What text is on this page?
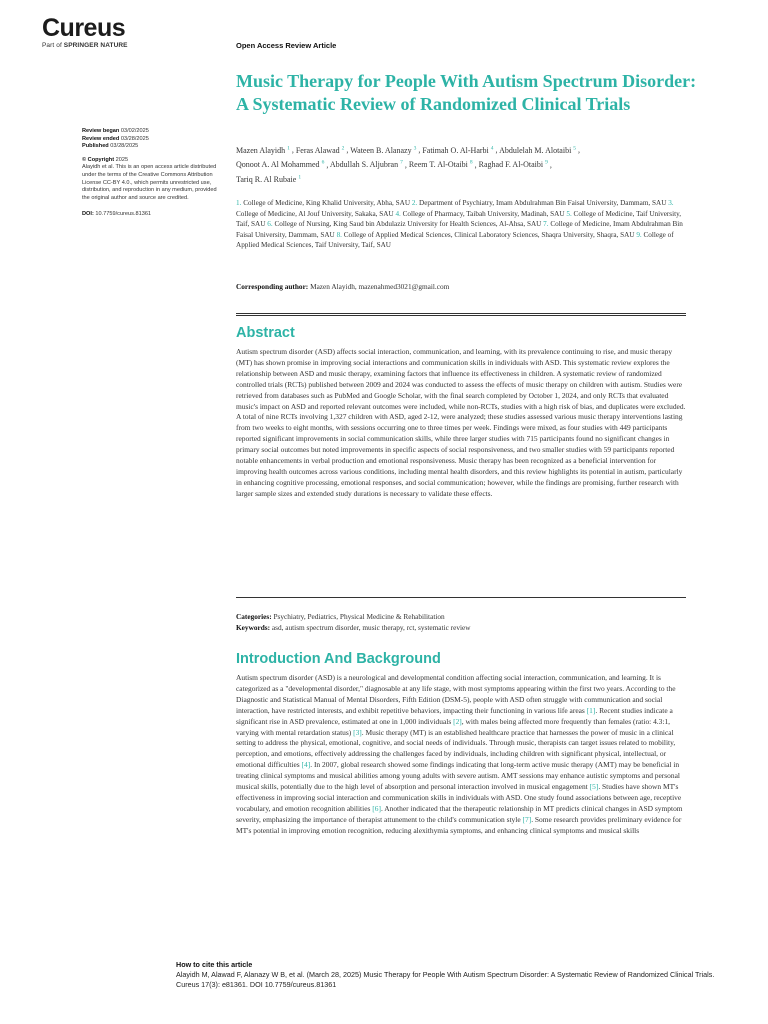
Cureus
Part of SPRINGER NATURE	Open Access Review Article
Music Therapy for People With Autism Spectrum Disorder: A Systematic Review of Randomized Clinical Trials
Review began 03/02/2025
Review ended 03/28/2025
Published 03/28/2025
© Copyright 2025
Alayidh et al. This is an open access article distributed under the terms of the Creative Commons Attribution License CC-BY 4.0., which permits unrestricted use, distribution, and reproduction in any medium, provided the original author and source are credited.
DOI: 10.7759/cureus.81361
Mazen Alayidh $^1$ , Feras Alawad $^2$ , Wateen B. Alanazy $^3$ , Fatimah O. Al-Harbi $^4$ , Abdulelah M. Alotaibi $^5$ ,
Qonoot A. Al Mohammed $^6$ , Abdullah S. Aljubran $^7$ , Reem T. Al-Otaibi $^8$ , Raghad F. Al-Otaibi $^9$ ,
Tariq R. Al Rubaie $^1$
1. College of Medicine, King Khalid University, Abha, SAU 2. Department of Psychiatry, Imam Abdulrahman Bin Faisal University, Dammam, SAU 3. College of Medicine, Al Jouf University, Sakaka, SAU 4. College of Pharmacy, Taibah University, Madinah, SAU 5. College of Medicine, Taif University, Taif, SAU 6. College of Nursing, King Saud bin Abdulaziz University for Health Sciences, Al-Ahsa, SAU 7. College of Medicine, Imam Abdulrahman Bin Faisal University, Dammam, SAU 8. College of Applied Medical Sciences, Clinical Laboratory Sciences, Shaqra University, Shaqra, SAU 9. College of Applied Medical Sciences, Taif University, Taif, SAU
Corresponding author: Mazen Alayidh, mazenahmed3021@gmail.com
Abstract

Autism spectrum disorder (ASD) affects social interaction, communication, and learning, with its prevalence continuing to rise, and music therapy (MT) has shown promise in improving social interactions and communication skills in individuals with ASD. This systematic review explores the relationship between ASD and music therapy, examining factors that influence its effectiveness in children. A systematic review of randomized controlled trials (RCTs) published between 2009 and 2024 was conducted to assess the effects of music therapy on children with autism. Studies were retrieved from databases such as PubMed and Google Scholar, with the final search completed by October 1, 2024, and only RCTs that evaluated music's impact on ASD and reported relevant outcomes were included, while non-RCTs, studies with a high risk of bias, and duplicates were excluded. A total of nine RCTs involving 1,327 children with ASD, aged 2-12, were analyzed; these studies assessed various music therapy interventions lasting from two weeks to eight months, with sessions occurring one to three times per week. Findings were mixed, as four studies with 449 participants reported significant improvements in social communication skills, while three larger studies with 715 participants found no significant changes in primary social outcomes but noted improvements in specific aspects of social responsiveness, and two smaller studies with 59 participants reported notable enhancements in verbal production and emotional responsiveness. Music therapy has been recognized as a beneficial intervention for improving health outcomes across various conditions, including mental health disorders, and this review highlights its potential in autism, particularly in enhancing cognitive processing, emotional responses, and social communication; however, while the findings are promising, further research with larger sample sizes and extended study durations is necessary to validate these effects.

Categories: Psychiatry, Pediatrics, Physical Medicine & Rehabilitation
Keywords: asd, autism spectrum disorder, music therapy, rct, systematic review
Introduction And Background

Autism spectrum disorder (ASD) is a neurological and developmental condition affecting social interaction, communication, and learning. It is categorized as a "developmental disorder," diagnosable at any life stage, with most symptoms appearing within the first two years. According to the Diagnostic and Statistical Manual of Mental Disorders, Fifth Edition (DSM-5), people with ASD often struggle with communication and social interaction, have restricted interests, and exhibit repetitive behaviors, impacting their functioning in various life areas [1]. Recent studies indicate a significant rise in ASD prevalence, estimated at one in 1,000 individuals [2], with males being affected more frequently than females (ratio: 4.3:1, varying with mental retardation status) [3]. Music therapy (MT) is an established healthcare practice that harnesses the power of music in a clinical setting to address the physical, emotional, cognitive, and social needs of individuals. Through music, therapists can target issues related to mobility, perception, and emotions, effectively addressing the challenges faced by individuals, including children with significant physical, intellectual, or emotional difficulties [4]. In 2007, global research showed some findings indicating that long-term active music therapy (AMT) may be beneficial in treating clinical symptoms and musical abilities among young adults with severe autism. AMT sessions may enhance autistic symptoms and personal musical skills, potentially due to the high level of absorption and personal interaction involved in musical engagement [5]. Studies have shown MT's effectiveness in improving social interaction and communication skills in individuals with ASD. One study found associations between age, receptive vocabulary, and emotion recognition abilities [6]. Another indicated that the therapeutic relationship in MT predicts clinical changes in ASD symptom severity, emphasizing the importance of therapist attunement to the child's communication style [7]. Some research provides preliminary evidence for MT's potential in improving emotion recognition, reducing alexithymia symptoms, and enhancing clinical symptoms and musical skills

How to cite this article
Alayidh M, Alawad F, Alanazy W B, et al. (March 28, 2025) Music Therapy for People With Autism Spectrum Disorder: A Systematic Review of Randomized Clinical Trials. Cureus 17(3): e81361. DOI 10.7759/cureus.81361
